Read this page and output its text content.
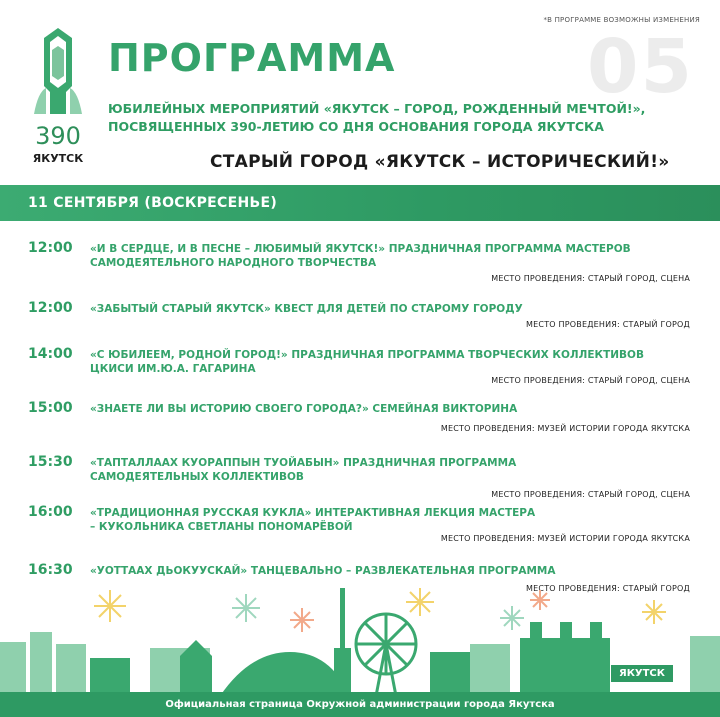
*В ПРОГРАММЕ ВОЗМОЖНЫ ИЗМЕНЕНИЯ
390
ЯКУТСК
05
ПРОГРАММА
ЮБИЛЕЙНЫХ МЕРОПРИЯТИЙ «ЯКУТСК – ГОРОД, РОЖДЕННЫЙ МЕЧТОЙ!»,
ПОСВЯЩЕННЫХ 390-ЛЕТИЮ СО ДНЯ ОСНОВАНИЯ ГОРОДА ЯКУТСКА
СТАРЫЙ ГОРОД «ЯКУТСК – ИСТОРИЧЕСКИЙ!»
11 СЕНТЯБРЯ (ВОСКРЕСЕНЬЕ)
12:00 «И В СЕРДЦЕ, И В ПЕСНЕ – ЛЮБИМЫЙ ЯКУТСК!» ПРАЗДНИЧНАЯ ПРОГРАММА МАСТЕРОВ
САМОДЕЯТЕЛЬНОГО НАРОДНОГО ТВОРЧЕСТВА
МЕСТО ПРОВЕДЕНИЯ: СТАРЫЙ ГОРОД, СЦЕНА
12:00 «ЗАБЫТЫЙ СТАРЫЙ ЯКУТСК» КВЕСТ ДЛЯ ДЕТЕЙ ПО СТАРОМУ ГОРОДУ
МЕСТО ПРОВЕДЕНИЯ: СТАРЫЙ ГОРОД
14:00 «С ЮБИЛЕЕМ, РОДНОЙ ГОРОД!» ПРАЗДНИЧНАЯ ПРОГРАММА ТВОРЧЕСКИХ КОЛЛЕКТИВОВ
ЦКИСИ ИМ.Ю.А. ГАГАРИНА
МЕСТО ПРОВЕДЕНИЯ: СТАРЫЙ ГОРОД, СЦЕНА
15:00 «ЗНАЕТЕ ЛИ ВЫ ИСТОРИЮ СВОЕГО ГОРОДА?» СЕМЕЙНАЯ ВИКТОРИНА
МЕСТО ПРОВЕДЕНИЯ: МУЗЕЙ ИСТОРИИ ГОРОДА ЯКУТСКА
15:30 «ТАПТАЛЛААХ КУОРАППЫН ТУОЙАБЫН» ПРАЗДНИЧНАЯ ПРОГРАММА
САМОДЕЯТЕЛЬНЫХ КОЛЛЕКТИВОВ
МЕСТО ПРОВЕДЕНИЯ: СТАРЫЙ ГОРОД, СЦЕНА
16:00 «ТРАДИЦИОННАЯ РУССКАЯ КУКЛА» ИНТЕРАКТИВНАЯ ЛЕКЦИЯ МАСТЕРА
– КУКОЛЬНИКА СВЕТЛАНЫ ПОНОМАРЁВОЙ
МЕСТО ПРОВЕДЕНИЯ: МУЗЕЙ ИСТОРИИ ГОРОДА ЯКУТСКА
16:30 «УОТТААХ ДЬОКУУСКАЙ» ТАНЦЕВАЛЬНО – РАЗВЛЕКАТЕЛЬНАЯ ПРОГРАММА
МЕСТО ПРОВЕДЕНИЯ: СТАРЫЙ ГОРОД
ЯКУТСК
Официальная страница Окружной администрации города Якутска
